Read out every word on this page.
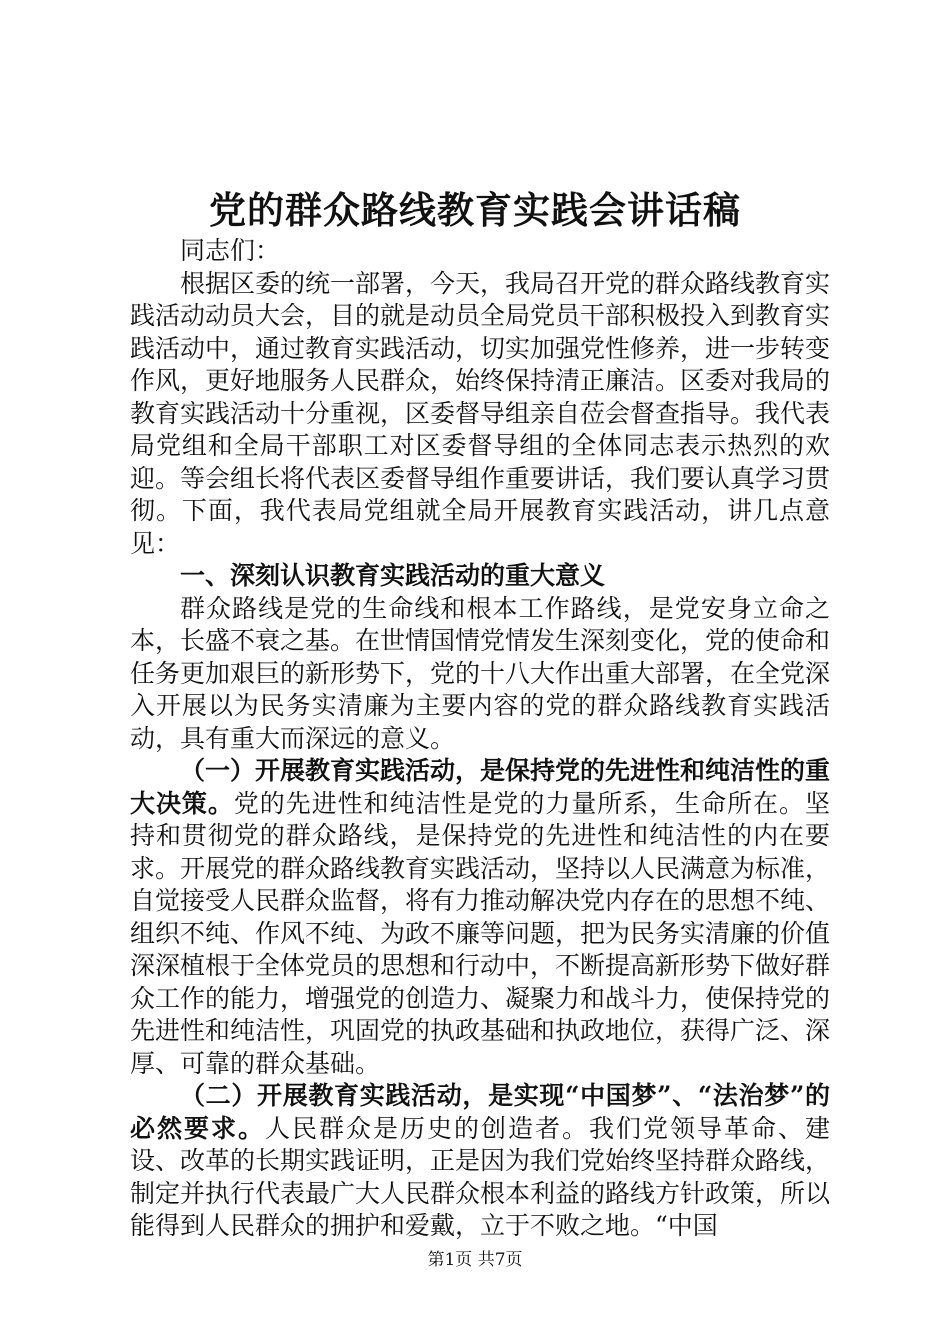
党的群众路线教育实践会讲话稿

同志们：

根据区委的统一部署，今天，我局召开党的群众路线教育实践活动动员大会，目的就是动员全局党员干部积极投入到教育实践活动中，通过教育实践活动，切实加强党性修养，进一步转变作风，更好地服务人民群众，始终保持清正廉洁。区委对我局的教育实践活动十分重视，区委督导组亲自莅会督查指导。我代表局党组和全局干部职工对区委督导组的全体同志表示热烈的欢迎。等会组长将代表区委督导组作重要讲话，我们要认真学习贯彻。下面，我代表局党组就全局开展教育实践活动，讲几点意见：

一、深刻认识教育实践活动的重大意义

群众路线是党的生命线和根本工作路线，是党安身立命之本，长盛不衰之基。在世情国情党情发生深刻变化，党的使命和任务更加艰巨的新形势下，党的十八大作出重大部署，在全党深入开展以为民务实清廉为主要内容的党的群众路线教育实践活动，具有重大而深远的意义。

（一）开展教育实践活动，是保持党的先进性和纯洁性的重大决策。党的先进性和纯洁性是党的力量所系，生命所在。坚持和贯彻党的群众路线，是保持党的先进性和纯洁性的内在要求。开展党的群众路线教育实践活动，坚持以人民满意为标准，自觉接受人民群众监督，将有力推动解决党内存在的思想不纯、组织不纯、作风不纯、为政不廉等问题，把为民务实清廉的价值深深植根于全体党员的思想和行动中，不断提高新形势下做好群众工作的能力，增强党的创造力、凝聚力和战斗力，使保持党的先进性和纯洁性，巩固党的执政基础和执政地位，获得广泛、深厚、可靠的群众基础。

（二）开展教育实践活动，是实现“中国梦”、“法治梦”的必然要求。人民群众是历史的创造者。我们党领导革命、建设、改革的长期实践证明，正是因为我们党始终坚持群众路线，制定并执行代表最广大人民群众根本利益的路线方针政策，所以能得到人民群众的拥护和爱戴，立于不败之地。“中国

第1页 共7页
